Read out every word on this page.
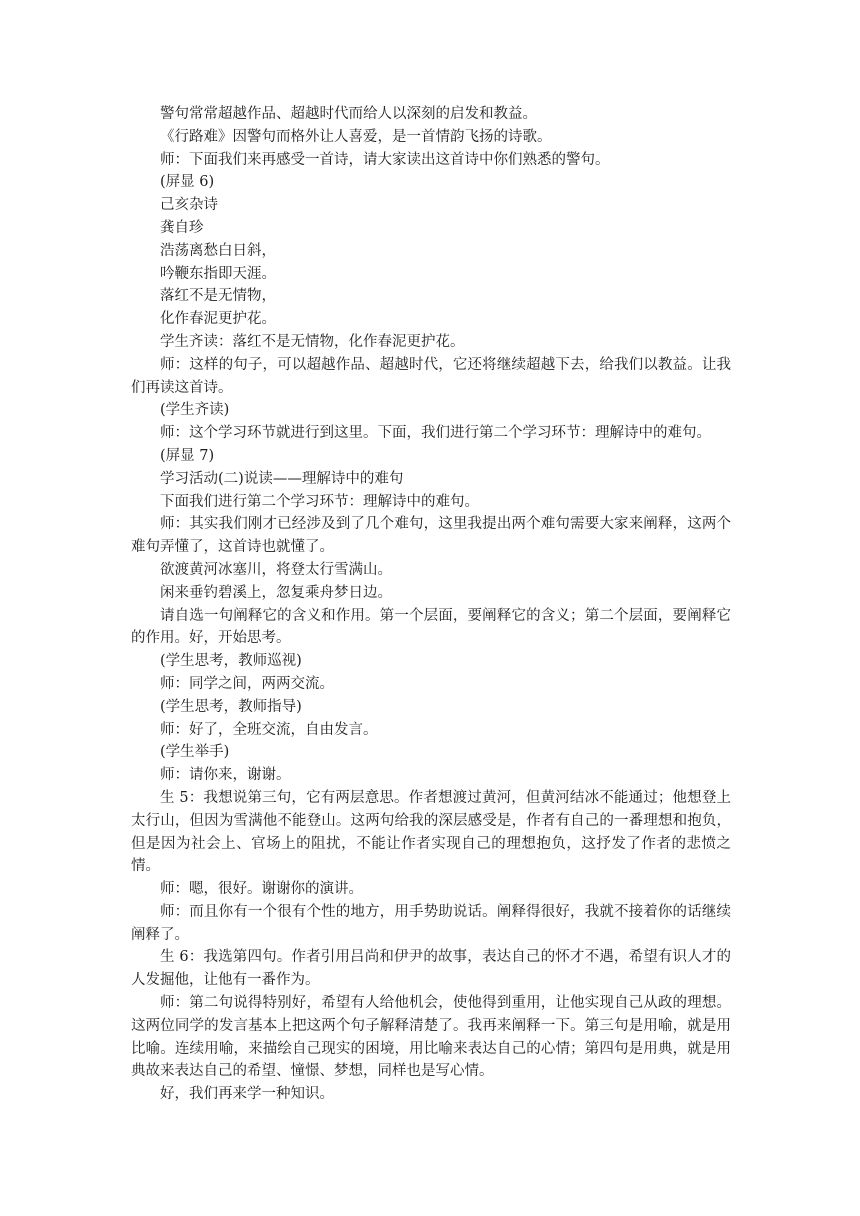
警句常常超越作品、超越时代而给人以深刻的启发和教益。

《行路难》因警句而格外让人喜爱，是一首情韵飞扬的诗歌。

师：下面我们来再感受一首诗，请大家读出这首诗中你们熟悉的警句。

(屏显 6)

己亥杂诗

龚自珍

浩荡离愁白日斜，

吟鞭东指即天涯。

落红不是无情物，

化作春泥更护花。

学生齐读：落红不是无情物，化作春泥更护花。

师：这样的句子，可以超越作品、超越时代，它还将继续超越下去，给我们以教益。让我们再读这首诗。

(学生齐读)

师：这个学习环节就进行到这里。下面，我们进行第二个学习环节：理解诗中的难句。

(屏显 7)

学习活动(二)说读——理解诗中的难句

下面我们进行第二个学习环节：理解诗中的难句。

师：其实我们刚才已经涉及到了几个难句，这里我提出两个难句需要大家来阐释，这两个难句弄懂了，这首诗也就懂了。

欲渡黄河冰塞川，将登太行雪满山。

闲来垂钓碧溪上，忽复乘舟梦日边。

请自选一句阐释它的含义和作用。第一个层面，要阐释它的含义；第二个层面，要阐释它的作用。好，开始思考。

(学生思考，教师巡视)

师：同学之间，两两交流。

(学生思考，教师指导)

师：好了，全班交流，自由发言。

(学生举手)

师：请你来，谢谢。

生 5：我想说第三句，它有两层意思。作者想渡过黄河，但黄河结冰不能通过；他想登上太行山，但因为雪满他不能登山。这两句给我的深层感受是，作者有自己的一番理想和抱负，但是因为社会上、官场上的阻扰，不能让作者实现自己的理想抱负，这抒发了作者的悲愤之情。

师：嗯，很好。谢谢你的演讲。

师：而且你有一个很有个性的地方，用手势助说话。阐释得很好，我就不接着你的话继续阐释了。

生 6：我选第四句。作者引用吕尚和伊尹的故事，表达自己的怀才不遇，希望有识人才的人发掘他，让他有一番作为。

师：第二句说得特别好，希望有人给他机会，使他得到重用，让他实现自己从政的理想。这两位同学的发言基本上把这两个句子解释清楚了。我再来阐释一下。第三句是用喻，就是用比喻。连续用喻，来描绘自己现实的困境，用比喻来表达自己的心情；第四句是用典，就是用典故来表达自己的希望、憧憬、梦想，同样也是写心情。

好，我们再来学一种知识。
